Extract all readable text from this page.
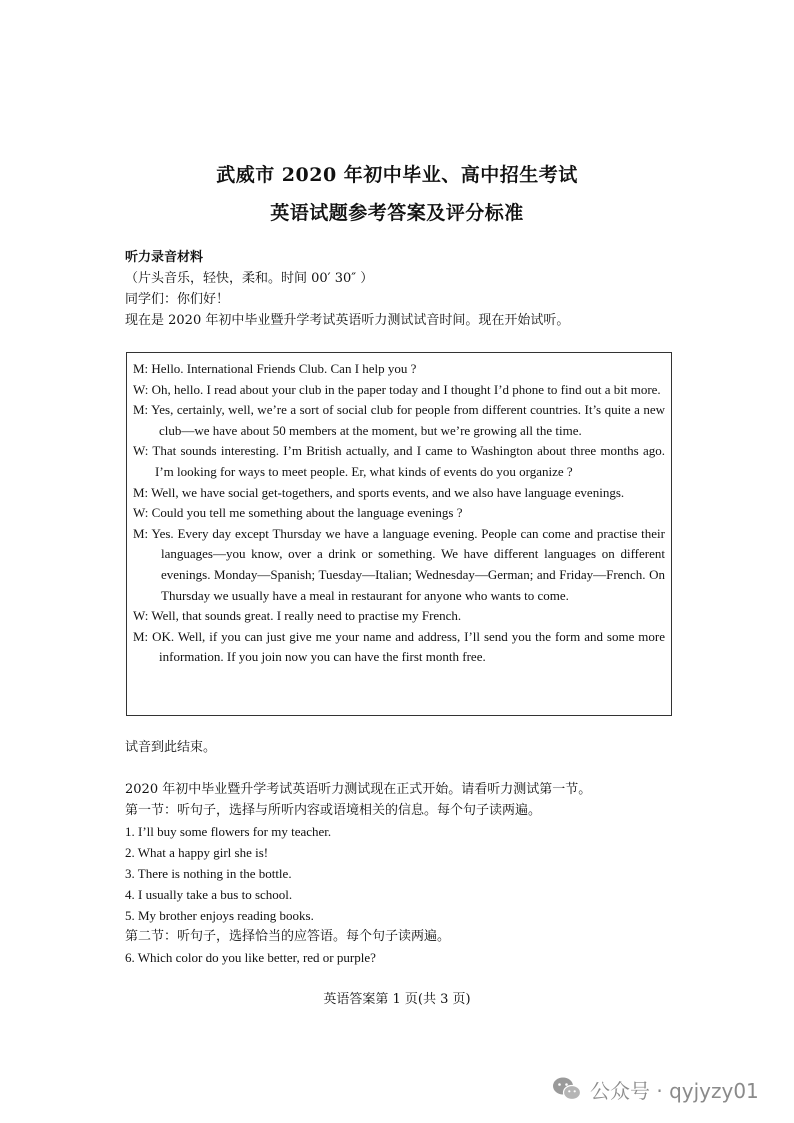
武威市 2020 年初中毕业、高中招生考试
英语试题参考答案及评分标准
听力录音材料
（片头音乐，轻快，柔和。时间 00′ 30″ ）
同学们：你们好！
现在是 2020 年初中毕业暨升学考试英语听力测试试音时间。现在开始试听。
M: Hello. International Friends Club. Can I help you ?
W: Oh, hello. I read about your club in the paper today and I thought I’d phone to find out a bit more.
M: Yes, certainly, well, we’re a sort of social club for people from different countries. It’s quite a new club—we have about 50 members at the moment, but we’re growing all the time.
W: That sounds interesting. I’m British actually, and I came to Washington about three months ago. I’m looking for ways to meet people. Er, what kinds of events do you organize ?
M: Well, we have social get-togethers, and sports events, and we also have language evenings.
W: Could you tell me something about the language evenings ?
M: Yes. Every day except Thursday we have a language evening. People can come and practise their languages—you know, over a drink or something. We have different languages on different evenings. Monday—Spanish; Tuesday—Italian; Wednesday—German; and Friday—French. On Thursday we usually have a meal in restaurant for anyone who wants to come.
W: Well, that sounds great. I really need to practise my French.
M: OK. Well, if you can just give me your name and address, I’ll send you the form and some more information. If you join now you can have the first month free.
试音到此结束。
2020 年初中毕业暨升学考试英语听力测试现在正式开始。请看听力测试第一节。
第一节：听句子，选择与所听内容或语境相关的信息。每个句子读两遍。
1. I’ll buy some flowers for my teacher.
2. What a happy girl she is!
3. There is nothing in the bottle.
4. I usually take a bus to school.
5. My brother enjoys reading books.
第二节：听句子，选择恰当的应答语。每个句子读两遍。
6. Which color do you like better, red or purple?
英语答案第 1 页(共 3 页)
公众号 · qyjyzy01
